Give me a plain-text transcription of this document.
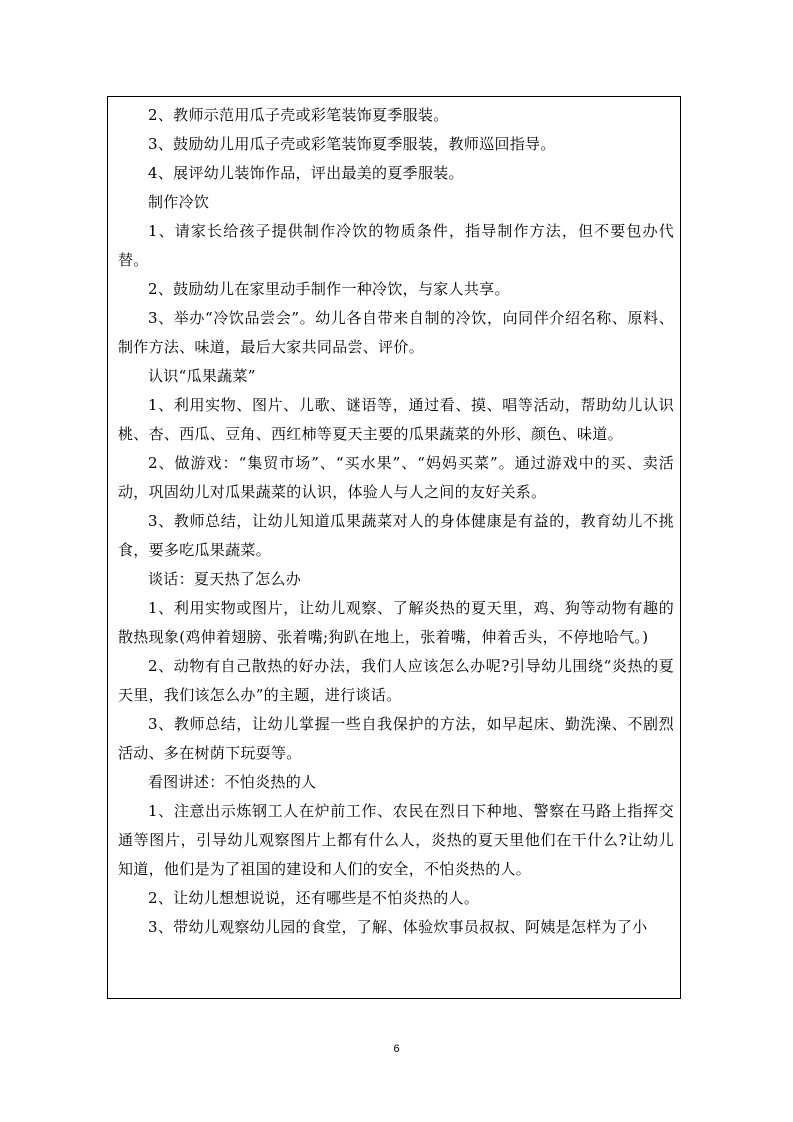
2、教师示范用瓜子壳或彩笔装饰夏季服装。

3、鼓励幼儿用瓜子壳或彩笔装饰夏季服装，教师巡回指导。

4、展评幼儿装饰作品，评出最美的夏季服装。

制作冷饮

1、请家长给孩子提供制作冷饮的物质条件，指导制作方法，但不要包办代替。

2、鼓励幼儿在家里动手制作一种冷饮，与家人共享。

3、举办“冷饮品尝会”。幼儿各自带来自制的冷饮，向同伴介绍名称、原料、制作方法、味道，最后大家共同品尝、评价。

认识“瓜果蔬菜”

1、利用实物、图片、儿歌、谜语等，通过看、摸、唱等活动，帮助幼儿认识桃、杏、西瓜、豆角、西红柿等夏天主要的瓜果蔬菜的外形、颜色、味道。

2、做游戏：“集贸市场”、“买水果”、“妈妈买菜”。通过游戏中的买、卖活动，巩固幼儿对瓜果蔬菜的认识，体验人与人之间的友好关系。

3、教师总结，让幼儿知道瓜果蔬菜对人的身体健康是有益的，教育幼儿不挑食，要多吃瓜果蔬菜。

谈话：夏天热了怎么办

1、利用实物或图片，让幼儿观察、了解炎热的夏天里，鸡、狗等动物有趣的散热现象(鸡伸着翅膀、张着嘴;狗趴在地上，张着嘴，伸着舌头，不停地哈气。)

2、动物有自己散热的好办法，我们人应该怎么办呢?引导幼儿围绕“炎热的夏天里，我们该怎么办”的主题，进行谈话。

3、教师总结，让幼儿掌握一些自我保护的方法，如早起床、勤洗澡、不剧烈活动、多在树荫下玩耍等。

看图讲述：不怕炎热的人

1、注意出示炼钢工人在炉前工作、农民在烈日下种地、警察在马路上指挥交通等图片，引导幼儿观察图片上都有什么人，炎热的夏天里他们在干什么?让幼儿知道，他们是为了祖国的建设和人们的安全，不怕炎热的人。

2、让幼儿想想说说，还有哪些是不怕炎热的人。

3、带幼儿观察幼儿园的食堂，了解、体验炊事员叔叔、阿姨是怎样为了小

6
